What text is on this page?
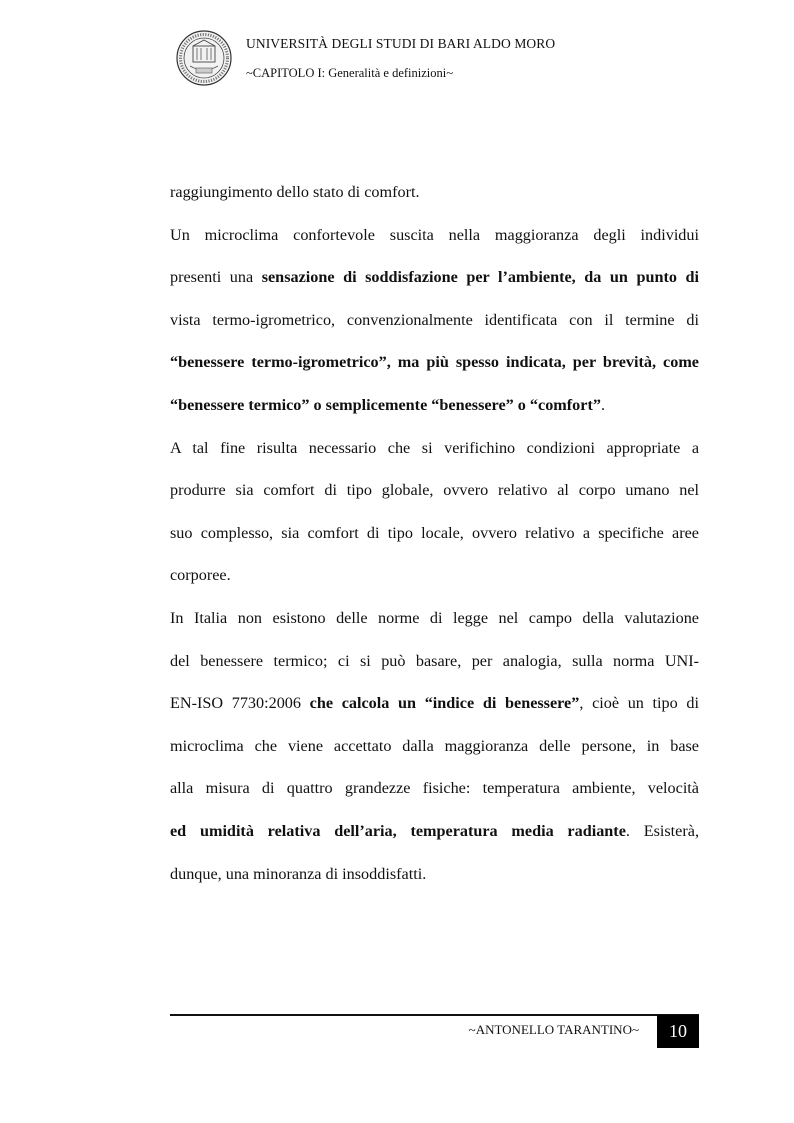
UNIVERSITÀ DEGLI STUDI DI BARI ALDO MORO
~CAPITOLO I: Generalità e definizioni~
raggiungimento dello stato di comfort.
Un microclima confortevole suscita nella maggioranza degli individui
presenti una sensazione di soddisfazione per l’ambiente, da un punto di
vista termo-igrometrico, convenzionalmente identificata con il termine di
“benessere termo-igrometrico”, ma più spesso indicata, per brevità, come
“benessere termico” o semplicemente “benessere” o “comfort”.
A tal fine risulta necessario che si verifichino condizioni appropriate a
produrre sia comfort di tipo globale, ovvero relativo al corpo umano nel
suo complesso, sia comfort di tipo locale, ovvero relativo a specifiche aree
corporee.
In Italia non esistono delle norme di legge nel campo della valutazione
del benessere termico; ci si può basare, per analogia, sulla norma UNI-
EN-ISO 7730:2006 che calcola un “indice di benessere”, cioè un tipo di
microclima che viene accettato dalla maggioranza delle persone, in base
alla misura di quattro grandezze fisiche: temperatura ambiente, velocità
ed umidità relativa dell’aria, temperatura media radiante. Esisterà,
dunque, una minoranza di insoddisfatti.
~ANTONELLO TARANTINO~	10
